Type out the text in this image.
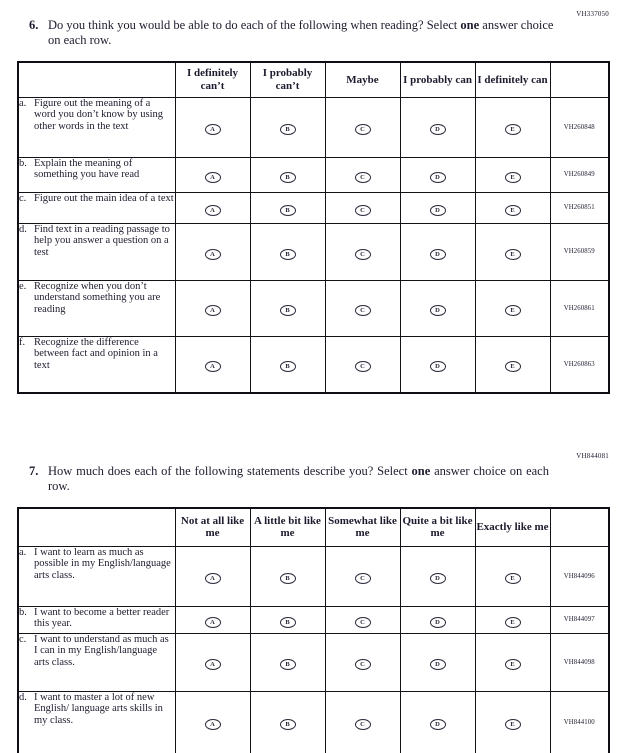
VH337050
6. Do you think you would be able to do each of the following when reading? Select one answer choice on each row.
	I definitely can’t	I probably can’t	Maybe	I probably can	I definitely can	

a. Figure out the meaning of a word you don’t know by using other words in the text	A	B	C	D	E	VH260848

b. Explain the meaning of something you have read	A	B	C	D	E	VH260849

c. Figure out the main idea of a text	A	B	C	D	E	VH260851

d. Find text in a reading passage to help you answer a question on a test	A	B	C	D	E	VH260859

e. Recognize when you don’t understand something you are reading	A	B	C	D	E	VH260861

f. Recognize the difference between fact and opinion in a text	A	B	C	D	E	VH260863
VH844081
7. How much does each of the following statements describe you? Select one answer choice on each row.
	Not at all like me	A little bit like me	Somewhat like me	Quite a bit like me	Exactly like me	

a. I want to learn as much as possible in my English/language arts class.	A	B	C	D	E	VH844096

b. I want to become a better reader this year.	A	B	C	D	E	VH844097

c. I want to understand as much as I can in my English/language arts class.	A	B	C	D	E	VH844098

d. I want to master a lot of new English/ language arts skills in my class.	A	B	C	D	E	VH844100
